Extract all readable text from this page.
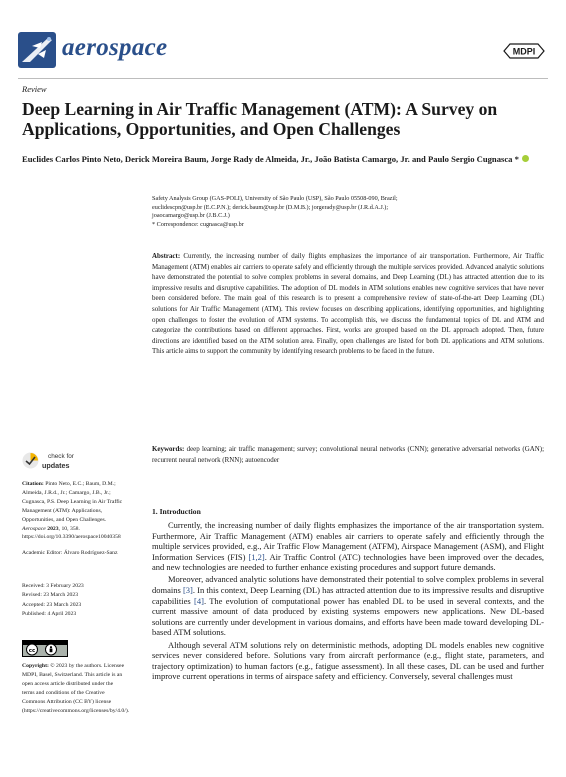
aerospace	MDPI
Review
Deep Learning in Air Traffic Management (ATM): A Survey on Applications, Opportunities, and Open Challenges
Euclides Carlos Pinto Neto, Derick Moreira Baum, Jorge Rady de Almeida, Jr., João Batista Camargo, Jr. and Paulo Sergio Cugnasca *
Safety Analysis Group (GAS-POLI), University of São Paulo (USP), São Paulo 05508-090, Brazil;
euclidescpn@usp.br (E.C.P.N.); derick.baum@usp.br (D.M.B.); jorgerady@usp.br (J.R.d.A.J.);
joaocamargo@usp.br (J.B.C.J.)
* Correspondence: cugnasca@usp.br
Abstract: Currently, the increasing number of daily flights emphasizes the importance of air transportation. Furthermore, Air Traffic Management (ATM) enables air carriers to operate safely and efficiently through the multiple services provided. Advanced analytic solutions have demonstrated the potential to solve complex problems in several domains, and Deep Learning (DL) has attracted attention due to its impressive results and disruptive capabilities. The adoption of DL models in ATM solutions enables new cognitive services that have never been considered before. The main goal of this research is to present a comprehensive review of state-of-the-art Deep Learning (DL) solutions for Air Traffic Management (ATM). This review focuses on describing applications, identifying opportunities, and highlighting open challenges to foster the evolution of ATM systems. To accomplish this, we discuss the fundamental topics of DL and ATM and categorize the contributions based on different approaches. First, works are grouped based on the DL approach adopted. Then, future directions are identified based on the ATM solution area. Finally, open challenges are listed for both DL applications and ATM solutions. This article aims to support the community by identifying research problems to be faced in the future.
Keywords: deep learning; air traffic management; survey; convolutional neural networks (CNN); generative adversarial networks (GAN); recurrent neural network (RNN); autoencoder
check for
updates
Citation: Pinto Neto, E.C.; Baum, D.M.; Almeida, J.R.d., Jr.; Camargo, J.B., Jr.; Cugnasca, P.S. Deep Learning in Air Traffic Management (ATM): Applications, Opportunities, and Open Challenges. Aerospace 2023, 10, 358. https://doi.org/10.3390/aerospace10040358
Academic Editor: Álvaro Rodríguez-Sanz
Received: 3 February 2023
Revised: 23 March 2023
Accepted: 23 March 2023
Published: 4 April 2023
cc
Copyright: © 2023 by the authors. Licensee MDPI, Basel, Switzerland. This article is an open access article distributed under the terms and conditions of the Creative Commons Attribution (CC BY) license (https://creativecommons.org/licenses/by/4.0/).
1. Introduction

Currently, the increasing number of daily flights emphasizes the importance of the air transportation system. Furthermore, Air Traffic Management (ATM) enables air carriers to operate safely and efficiently through the multiple services provided, e.g., Air Traffic Flow Management (ATFM), Airspace Management (ASM), and Flight Information Services (FIS) [1,2]. Air Traffic Control (ATC) technologies have been improved over the decades, and new technologies are needed to further enhance existing procedures and support future demands.

Moreover, advanced analytic solutions have demonstrated their potential to solve complex problems in several domains [3]. In this context, Deep Learning (DL) has attracted attention due to its impressive results and disruptive capabilities [4]. The evolution of computational power has enabled DL to be used in several contexts, and the current massive amount of data produced by existing systems empowers new applications. New DL-based solutions are currently under development in various domains, and efforts have been made toward developing DL-based ATM solutions.

Although several ATM solutions rely on deterministic methods, adopting DL models enables new cognitive services never considered before. Solutions vary from aircraft performance (e.g., flight state, parameters, and trajectory optimization) to human factors (e.g., fatigue assessment). In all these cases, DL can be used and further improve current operations in terms of airspace safety and efficiency. Conversely, several challenges must
